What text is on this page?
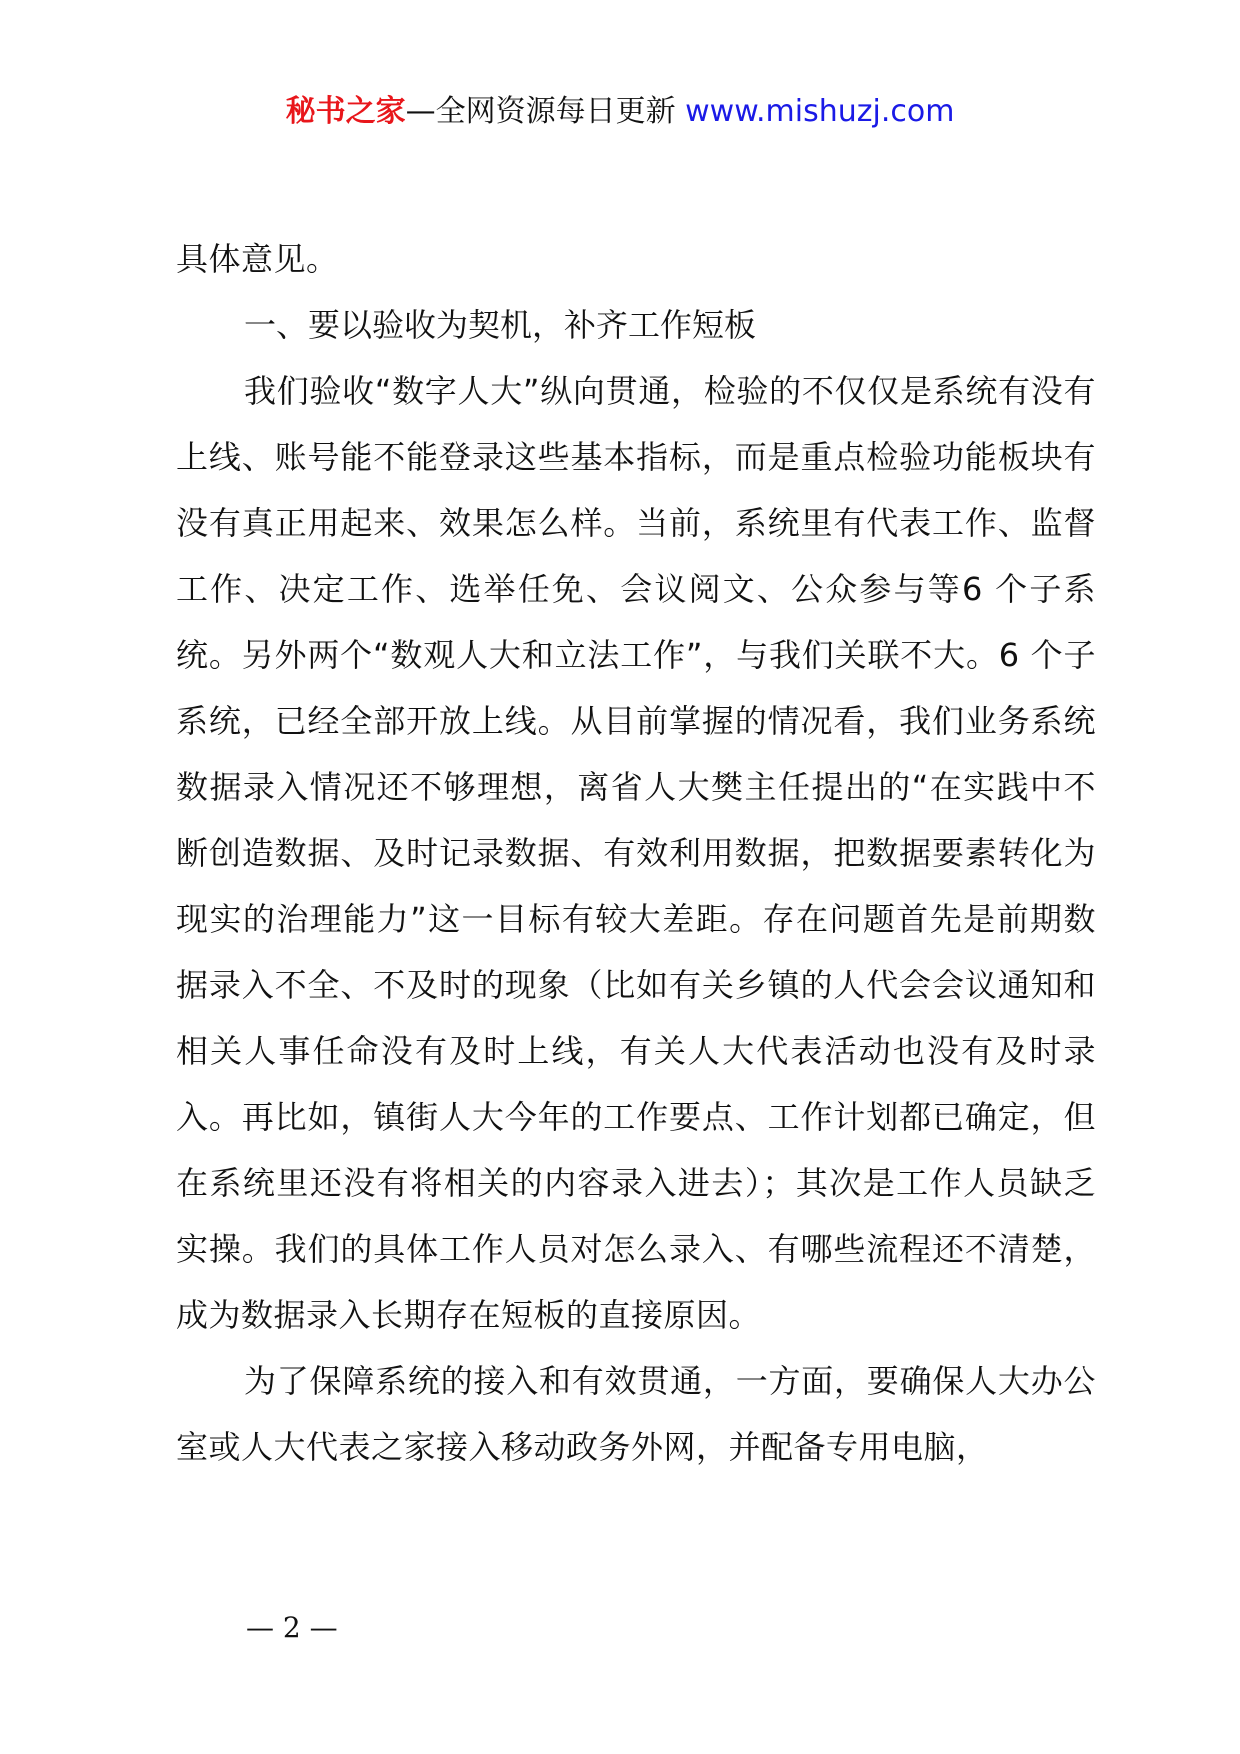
秘书之家—全网资源每日更新 www.mishuzj.com

具体意见。

一、要以验收为契机，补齐工作短板

我们验收“数字人大”纵向贯通，检验的不仅仅是系统有没有上线、账号能不能登录这些基本指标，而是重点检验功能板块有没有真正用起来、效果怎么样。当前，系统里有代表工作、监督工作、决定工作、选举任免、会议阅文、公众参与等6 个子系统。另外两个“数观人大和立法工作”，与我们关联不大。6 个子系统，已经全部开放上线。从目前掌握的情况看，我们业务系统数据录入情况还不够理想，离省人大樊主任提出的“在实践中不断创造数据、及时记录数据、有效利用数据，把数据要素转化为现实的治理能力”这一目标有较大差距。存在问题首先是前期数据录入不全、不及时的现象（比如有关乡镇的人代会会议通知和相关人事任命没有及时上线，有关人大代表活动也没有及时录入。再比如，镇街人大今年的工作要点、工作计划都已确定，但在系统里还没有将相关的内容录入进去）；其次是工作人员缺乏实操。我们的具体工作人员对怎么录入、有哪些流程还不清楚，成为数据录入长期存在短板的直接原因。

为了保障系统的接入和有效贯通，一方面，要确保人大办公室或人大代表之家接入移动政务外网，并配备专用电脑，

— 2 —
